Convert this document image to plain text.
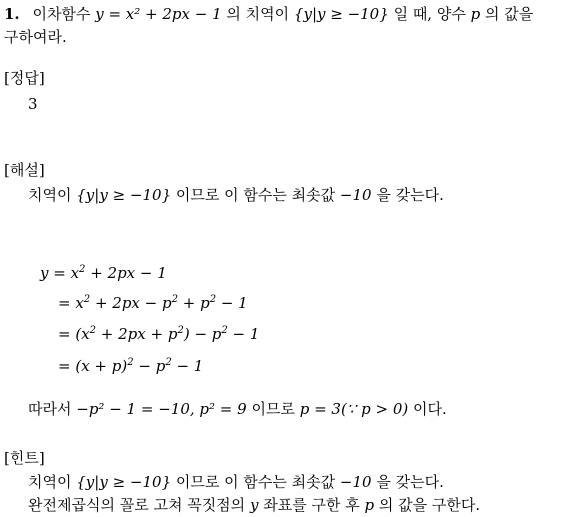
1. 이차함수 y = x² + 2px − 1 의 치역이 {y|y ≥ −10} 일 때, 양수 p 의 값을
구하여라.
[정답]
3
[해설]
치역이 {y|y ≥ −10} 이므로 이 함수는 최솟값 −10 을 갖는다.
$y = x^2 + 2px - 1$
= $x^2 + 2px - p^2 + p^2 - 1$
= $(x^2 + 2px + p^2) - p^2 - 1$
= $(x + p)^2 - p^2 - 1$
따라서 −p² − 1 = −10, p² = 9 이므로 p = 3(∵ p > 0) 이다.
[힌트]
치역이 {y|y ≥ −10} 이므로 이 함수는 최솟값 −10 을 갖는다.
완전제곱식의 꼴로 고쳐 꼭짓점의 y 좌표를 구한 후 p 의 값을 구한다.
